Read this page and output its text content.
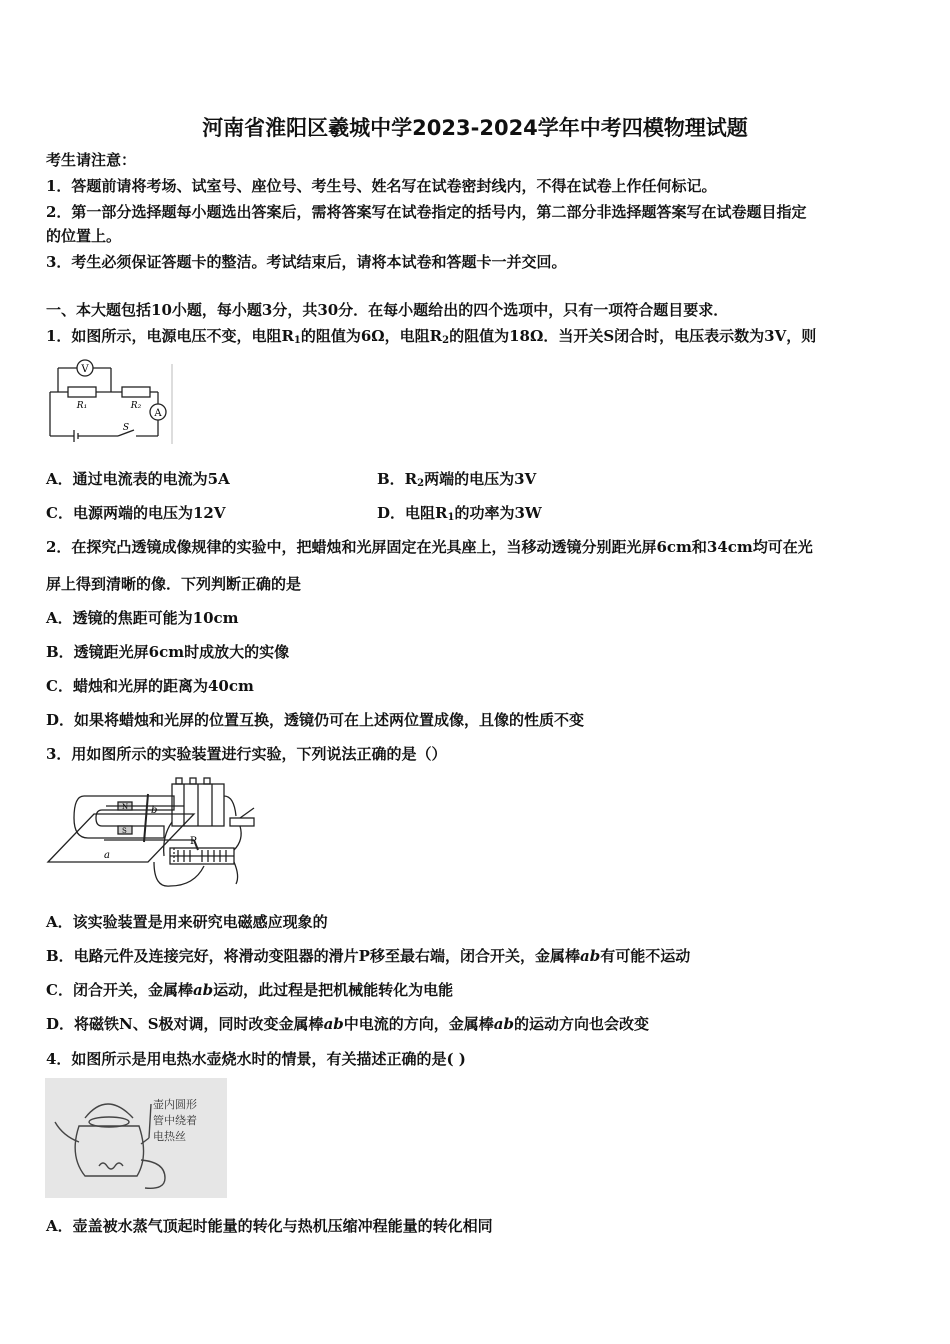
河南省淮阳区羲城中学2023-2024学年中考四模物理试题
考生请注意：
1．答题前请将考场、试室号、座位号、考生号、姓名写在试卷密封线内，不得在试卷上作任何标记。
2．第一部分选择题每小题选出答案后，需将答案写在试卷指定的括号内，第二部分非选择题答案写在试卷题目指定
的位置上。
3．考生必须保证答题卡的整洁。考试结束后，请将本试卷和答题卡一并交回。
一、本大题包括10小题，每小题3分，共30分．在每小题给出的四个选项中，只有一项符合题目要求．
1．如图所示，电源电压不变，电阻$R_1$的阻值为6Ω，电阻$R_2$的阻值为18Ω．当开关S闭合时，电压表示数为3V，则
V
A
R₁	R₂
S
A．通过电流表的电流为5A	B．$R_2$两端的电压为3V
C．电源两端的电压为12V	D．电阻$R_1$的功率为3W
2．在探究凸透镜成像规律的实验中，把蜡烛和光屏固定在光具座上，当移动透镜分别距光屏6cm和34cm均可在光
屏上得到清晰的像．下列判断正确的是
A．透镜的焦距可能为10cm
B．透镜距光屏6cm时成放大的实像
C．蜡烛和光屏的距离为40cm
D．如果将蜡烛和光屏的位置互换，透镜仍可在上述两位置成像，且像的性质不变
3．用如图所示的实验装置进行实验，下列说法正确的是（）
b
a
P
N
S
A．该实验装置是用来研究电磁感应现象的
B．电路元件及连接完好，将滑动变阻器的滑片P移至最右端，闭合开关，金属棒ab有可能不运动
C．闭合开关，金属棒ab运动，此过程是把机械能转化为电能
D．将磁铁N、S极对调，同时改变金属棒ab中电流的方向，金属棒ab的运动方向也会改变
4．如图所示是用电热水壶烧水时的情景，有关描述正确的是( )
壶内圆形
管中绕着
电热丝
A．壶盖被水蒸气顶起时能量的转化与热机压缩冲程能量的转化相同
